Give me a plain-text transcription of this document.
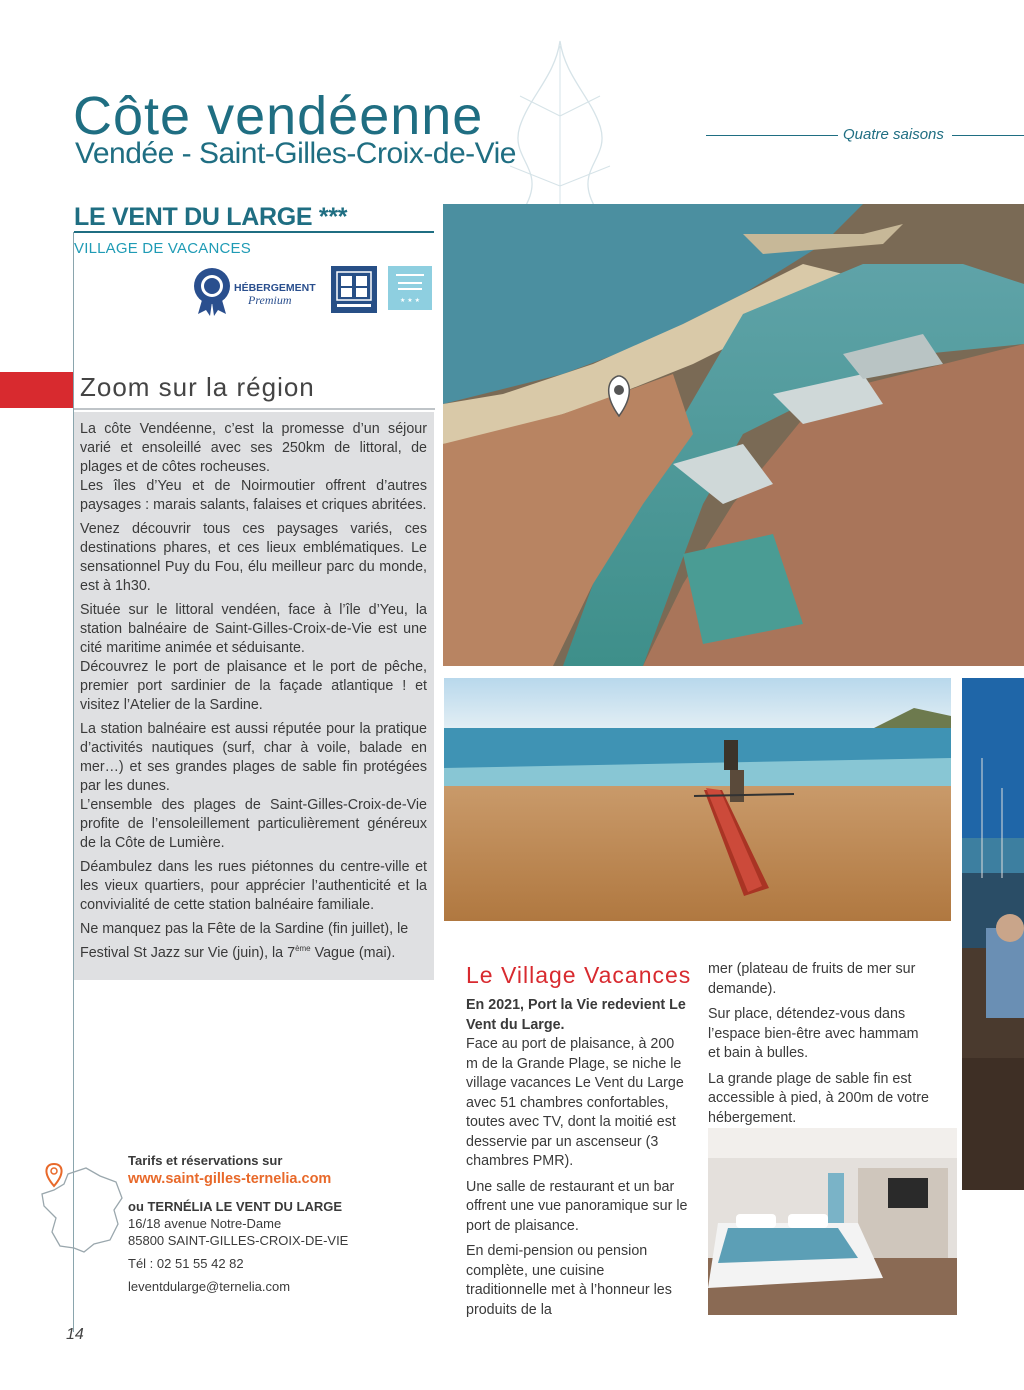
Côte vendéenne
Vendée - Saint-Gilles-Croix-de-Vie
Quatre saisons
LE VENT DU LARGE ***
VILLAGE DE VACANCES
HÉBERGEMENT
Premium	★ ★ ★
Zoom sur la région

La côte Vendéenne, c’est la promesse d’un séjour varié et ensoleillé avec ses 250km de littoral, de plages et de côtes rocheuses.
Les îles d’Yeu et de Noirmoutier offrent d’autres paysages : marais salants, falaises et criques abritées.

Venez découvrir tous ces paysages variés, ces destinations phares, et ces lieux emblématiques. Le sensationnel Puy du Fou, élu meilleur parc du monde, est à 1h30.

Située sur le littoral vendéen, face à l’île d’Yeu, la station balnéaire de Saint-Gilles-Croix-de-Vie est une cité maritime animée et séduisante.
Découvrez le port de plaisance et le port de pêche, premier port sardinier de la façade atlantique ! et visitez l’Atelier de la Sardine.

La station balnéaire est aussi réputée pour la pratique d’activités nautiques (surf, char à voile, balade en mer…) et ses grandes plages de sable fin protégées par les dunes.
L’ensemble des plages de Saint-Gilles-Croix-de-Vie profite de l’ensoleillement particulièrement généreux de la Côte de Lumière.

Déambulez dans les rues piétonnes du centre-ville et les vieux quartiers, pour apprécier l’authenticité et la convivialité de cette station balnéaire familiale.

Ne manquez pas la Fête de la Sardine (fin juillet), le Festival St Jazz sur Vie (juin), la 7ème Vague (mai).

Le Village Vacances

En 2021, Port la Vie redevient Le Vent du Large.

Face au port de plaisance, à 200 m de la Grande Plage, se niche le village vacances Le Vent du Large avec 51 chambres confortables, toutes avec TV, dont la moitié est desservie par un ascenseur (3 chambres PMR).

Une salle de restaurant et un bar offrent une vue panoramique sur le port de plaisance.

En demi-pension ou pension complète, une cuisine traditionnelle met à l’honneur les produits de la

mer (plateau de fruits de mer sur demande).

Sur place, détendez-vous dans l’espace bien-être avec hammam et bain à bulles.

La grande plage de sable fin est accessible à pied, à 200m de votre hébergement.

Tarifs et réservations sur
www.saint-gilles-ternelia.com
ou TERNÉLIA LE VENT DU LARGE
16/18 avenue Notre-Dame
85800 SAINT-GILLES-CROIX-DE-VIE
Tél : 02 51 55 42 82
leventdularge@ternelia.com
14
